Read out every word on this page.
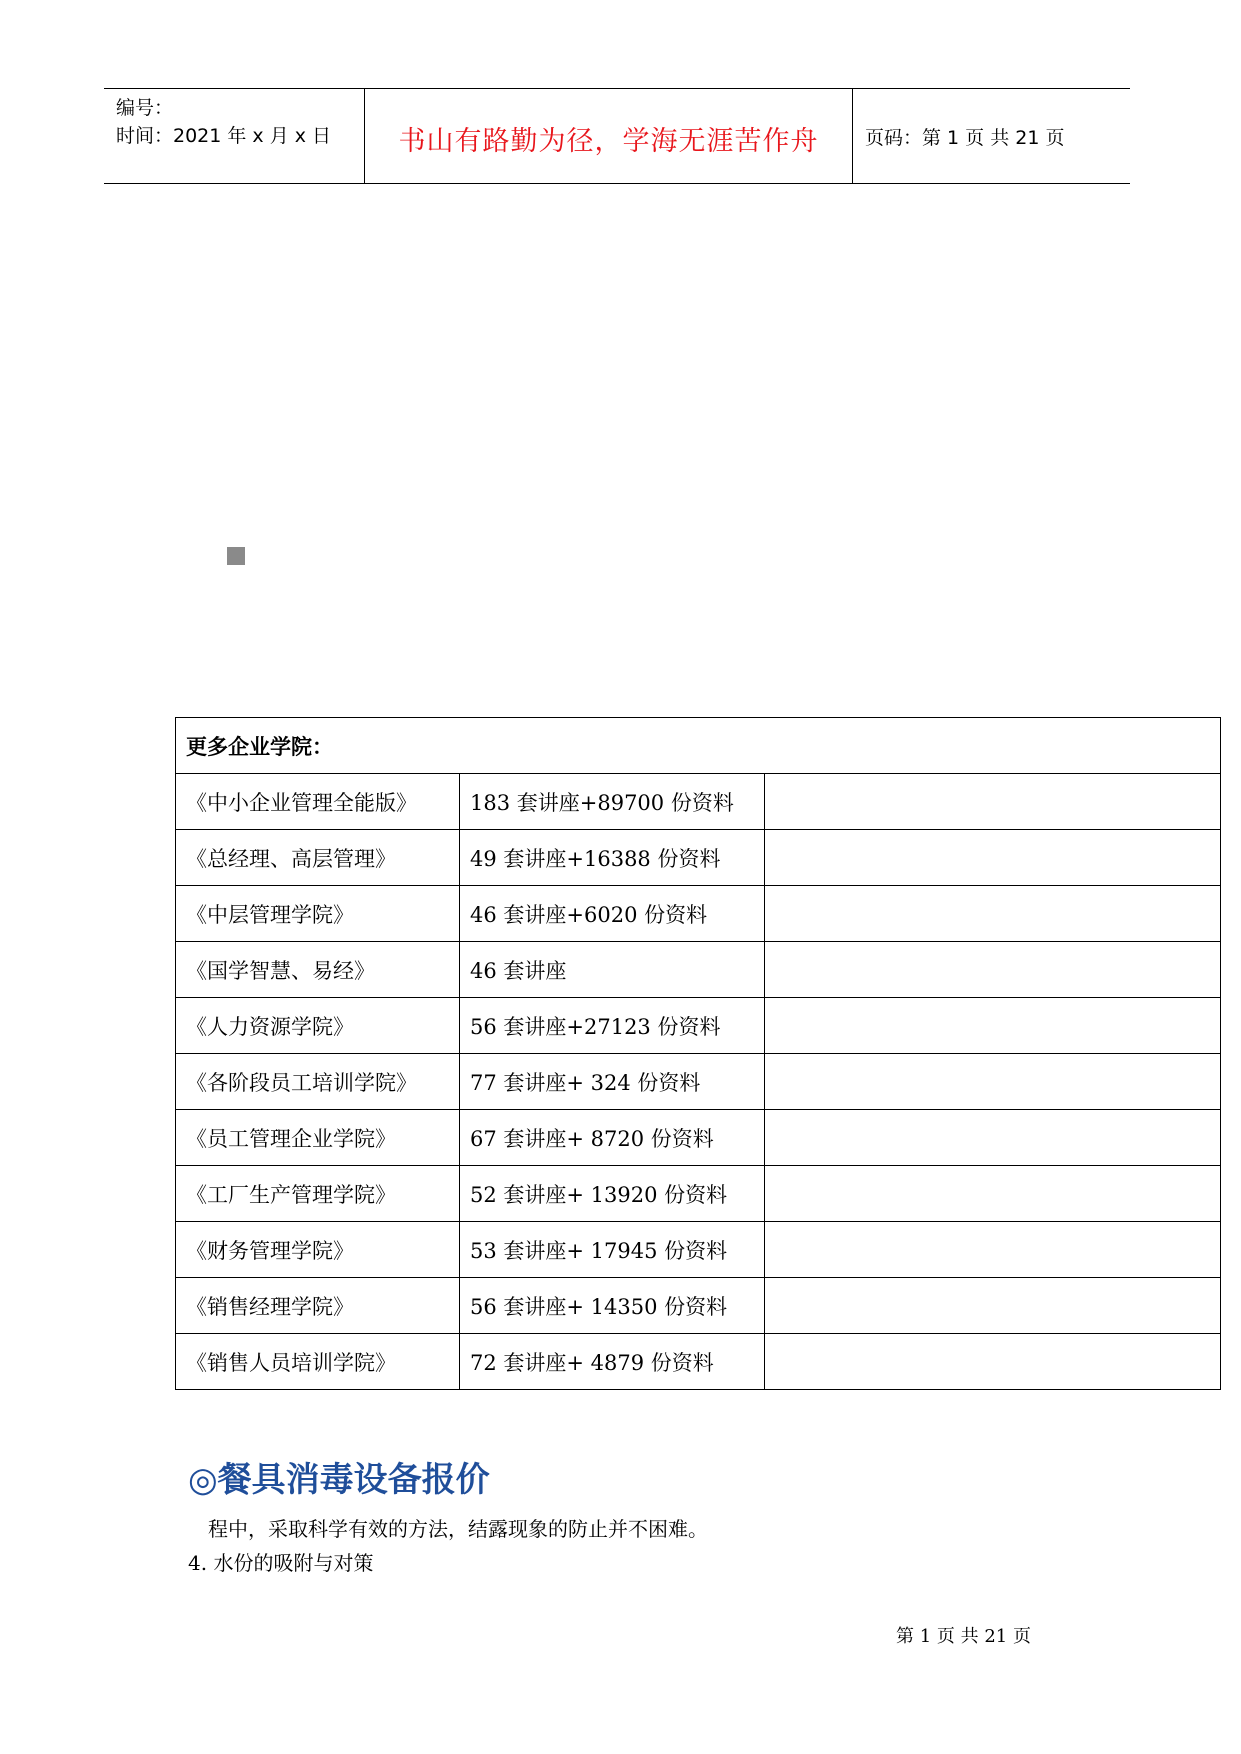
编号：
时间：2021 年 x 月 x 日	书山有路勤为径，学海无涯苦作舟	页码：第 1 页 共 21 页
更多企业学院：		
《中小企业管理全能版》	183 套讲座+89700 份资料	
《总经理、高层管理》	49 套讲座+16388 份资料	
《中层管理学院》	46 套讲座+6020 份资料	
《国学智慧、易经》	46 套讲座	
《人力资源学院》	56 套讲座+27123 份资料	
《各阶段员工培训学院》	77 套讲座+ 324 份资料	
《员工管理企业学院》	67 套讲座+ 8720 份资料	
《工厂生产管理学院》	52 套讲座+ 13920 份资料	
《财务管理学院》	53 套讲座+ 17945 份资料	
《销售经理学院》	56 套讲座+ 14350 份资料	
《销售人员培训学院》	72 套讲座+ 4879 份资料	
◎餐具消毒设备报价
程中，采取科学有效的方法，结露现象的防止并不困难。
4. 水份的吸附与对策
第 1 页 共 21 页
